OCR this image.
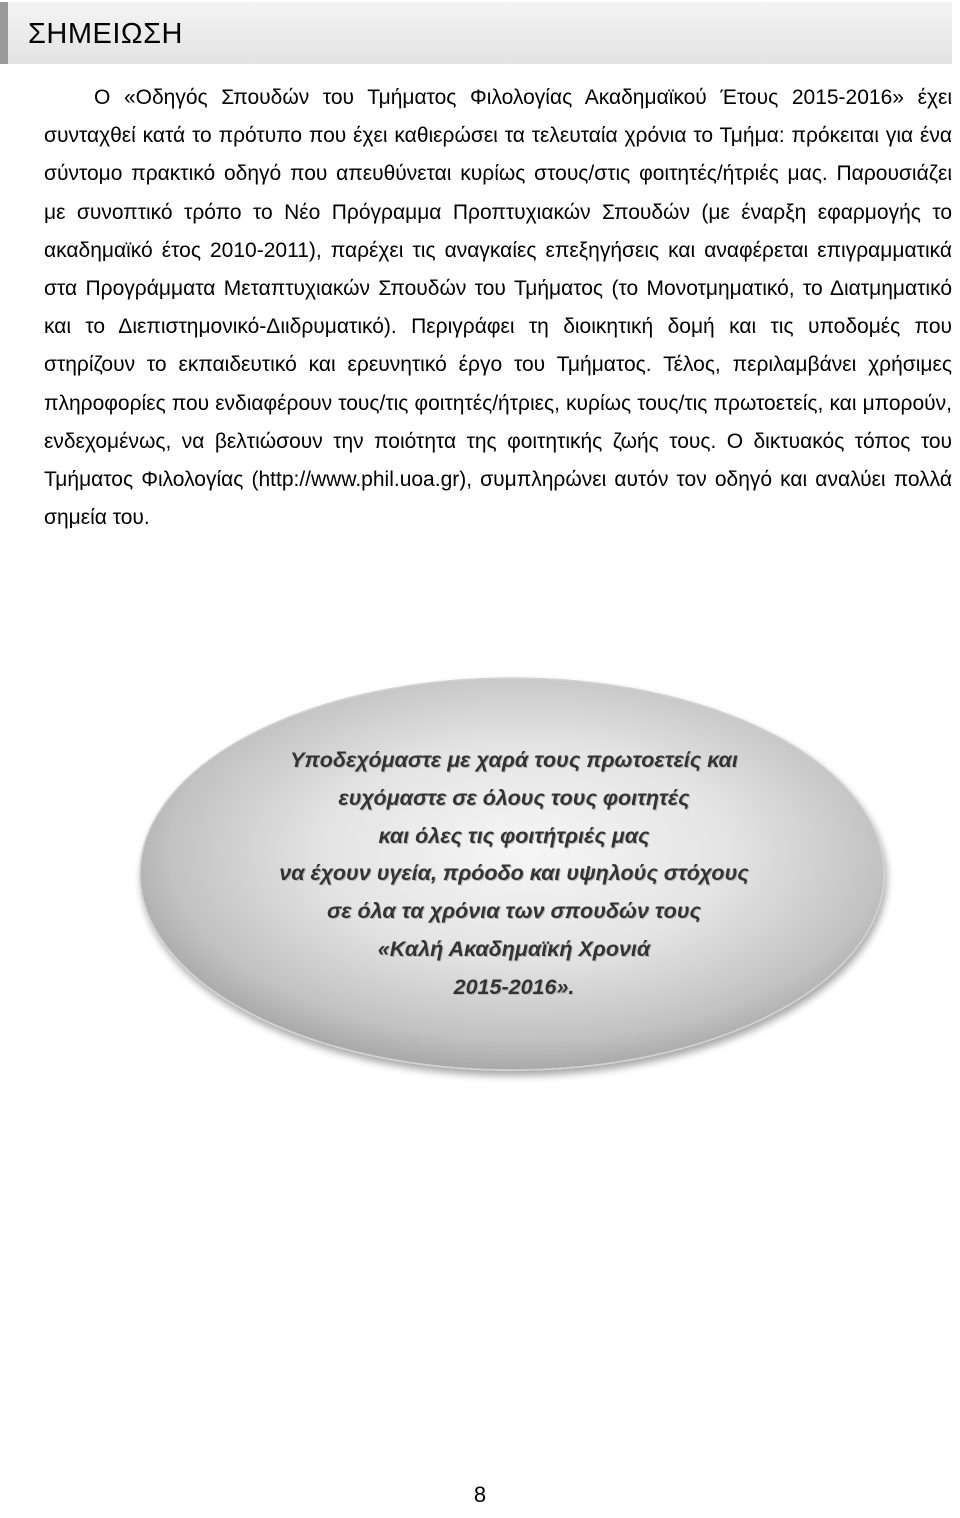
ΣΗΜΕΙΩΣΗ

Ο «Οδηγός Σπουδών του Τμήματος Φιλολογίας Ακαδημαϊκού Έτους 2015-2016» έχει συνταχθεί κατά το πρότυπο που έχει καθιερώσει τα τελευταία χρόνια το Τμήμα: πρόκειται για ένα σύντομο πρακτικό οδηγό που απευθύνεται κυρίως στους/στις φοιτητές/ήτριές μας. Παρουσιάζει με συνοπτικό τρόπο το Νέο Πρόγραμμα Προπτυχιακών Σπουδών (με έναρξη εφαρμογής το ακαδημαϊκό έτος 2010-2011), παρέχει τις αναγκαίες επεξηγήσεις και αναφέρεται επιγραμματικά στα Προγράμματα Μεταπτυχιακών Σπουδών του Τμήματος (το Μονοτμηματικό, το Διατμηματικό και το Διεπιστημονικό-Διιδρυματικό). Περιγράφει τη διοικητική δομή και τις υποδομές που στηρίζουν το εκπαιδευτικό και ερευνητικό έργο του Τμήματος. Τέλος, περιλαμβάνει χρήσιμες πληροφορίες που ενδιαφέρουν τους/τις φοιτητές/ήτριες, κυρίως τους/τις πρωτοετείς, και μπορούν, ενδεχομένως, να βελτιώσουν την ποιότητα της φοιτητικής ζωής τους. Ο δικτυακός τόπος του Τμήματος Φιλολογίας (http://www.phil.uoa.gr), συμπληρώνει αυτόν τον οδηγό και αναλύει πολλά σημεία του.

Υποδεχόμαστε με χαρά τους πρωτοετείς και
ευχόμαστε σε όλους τους φοιτητές
και όλες τις φοιτήτριές μας
να έχουν υγεία, πρόοδο και υψηλούς στόχους
σε όλα τα χρόνια των σπουδών τους
«Καλή Ακαδημαϊκή Χρονιά
2015-2016».
8
